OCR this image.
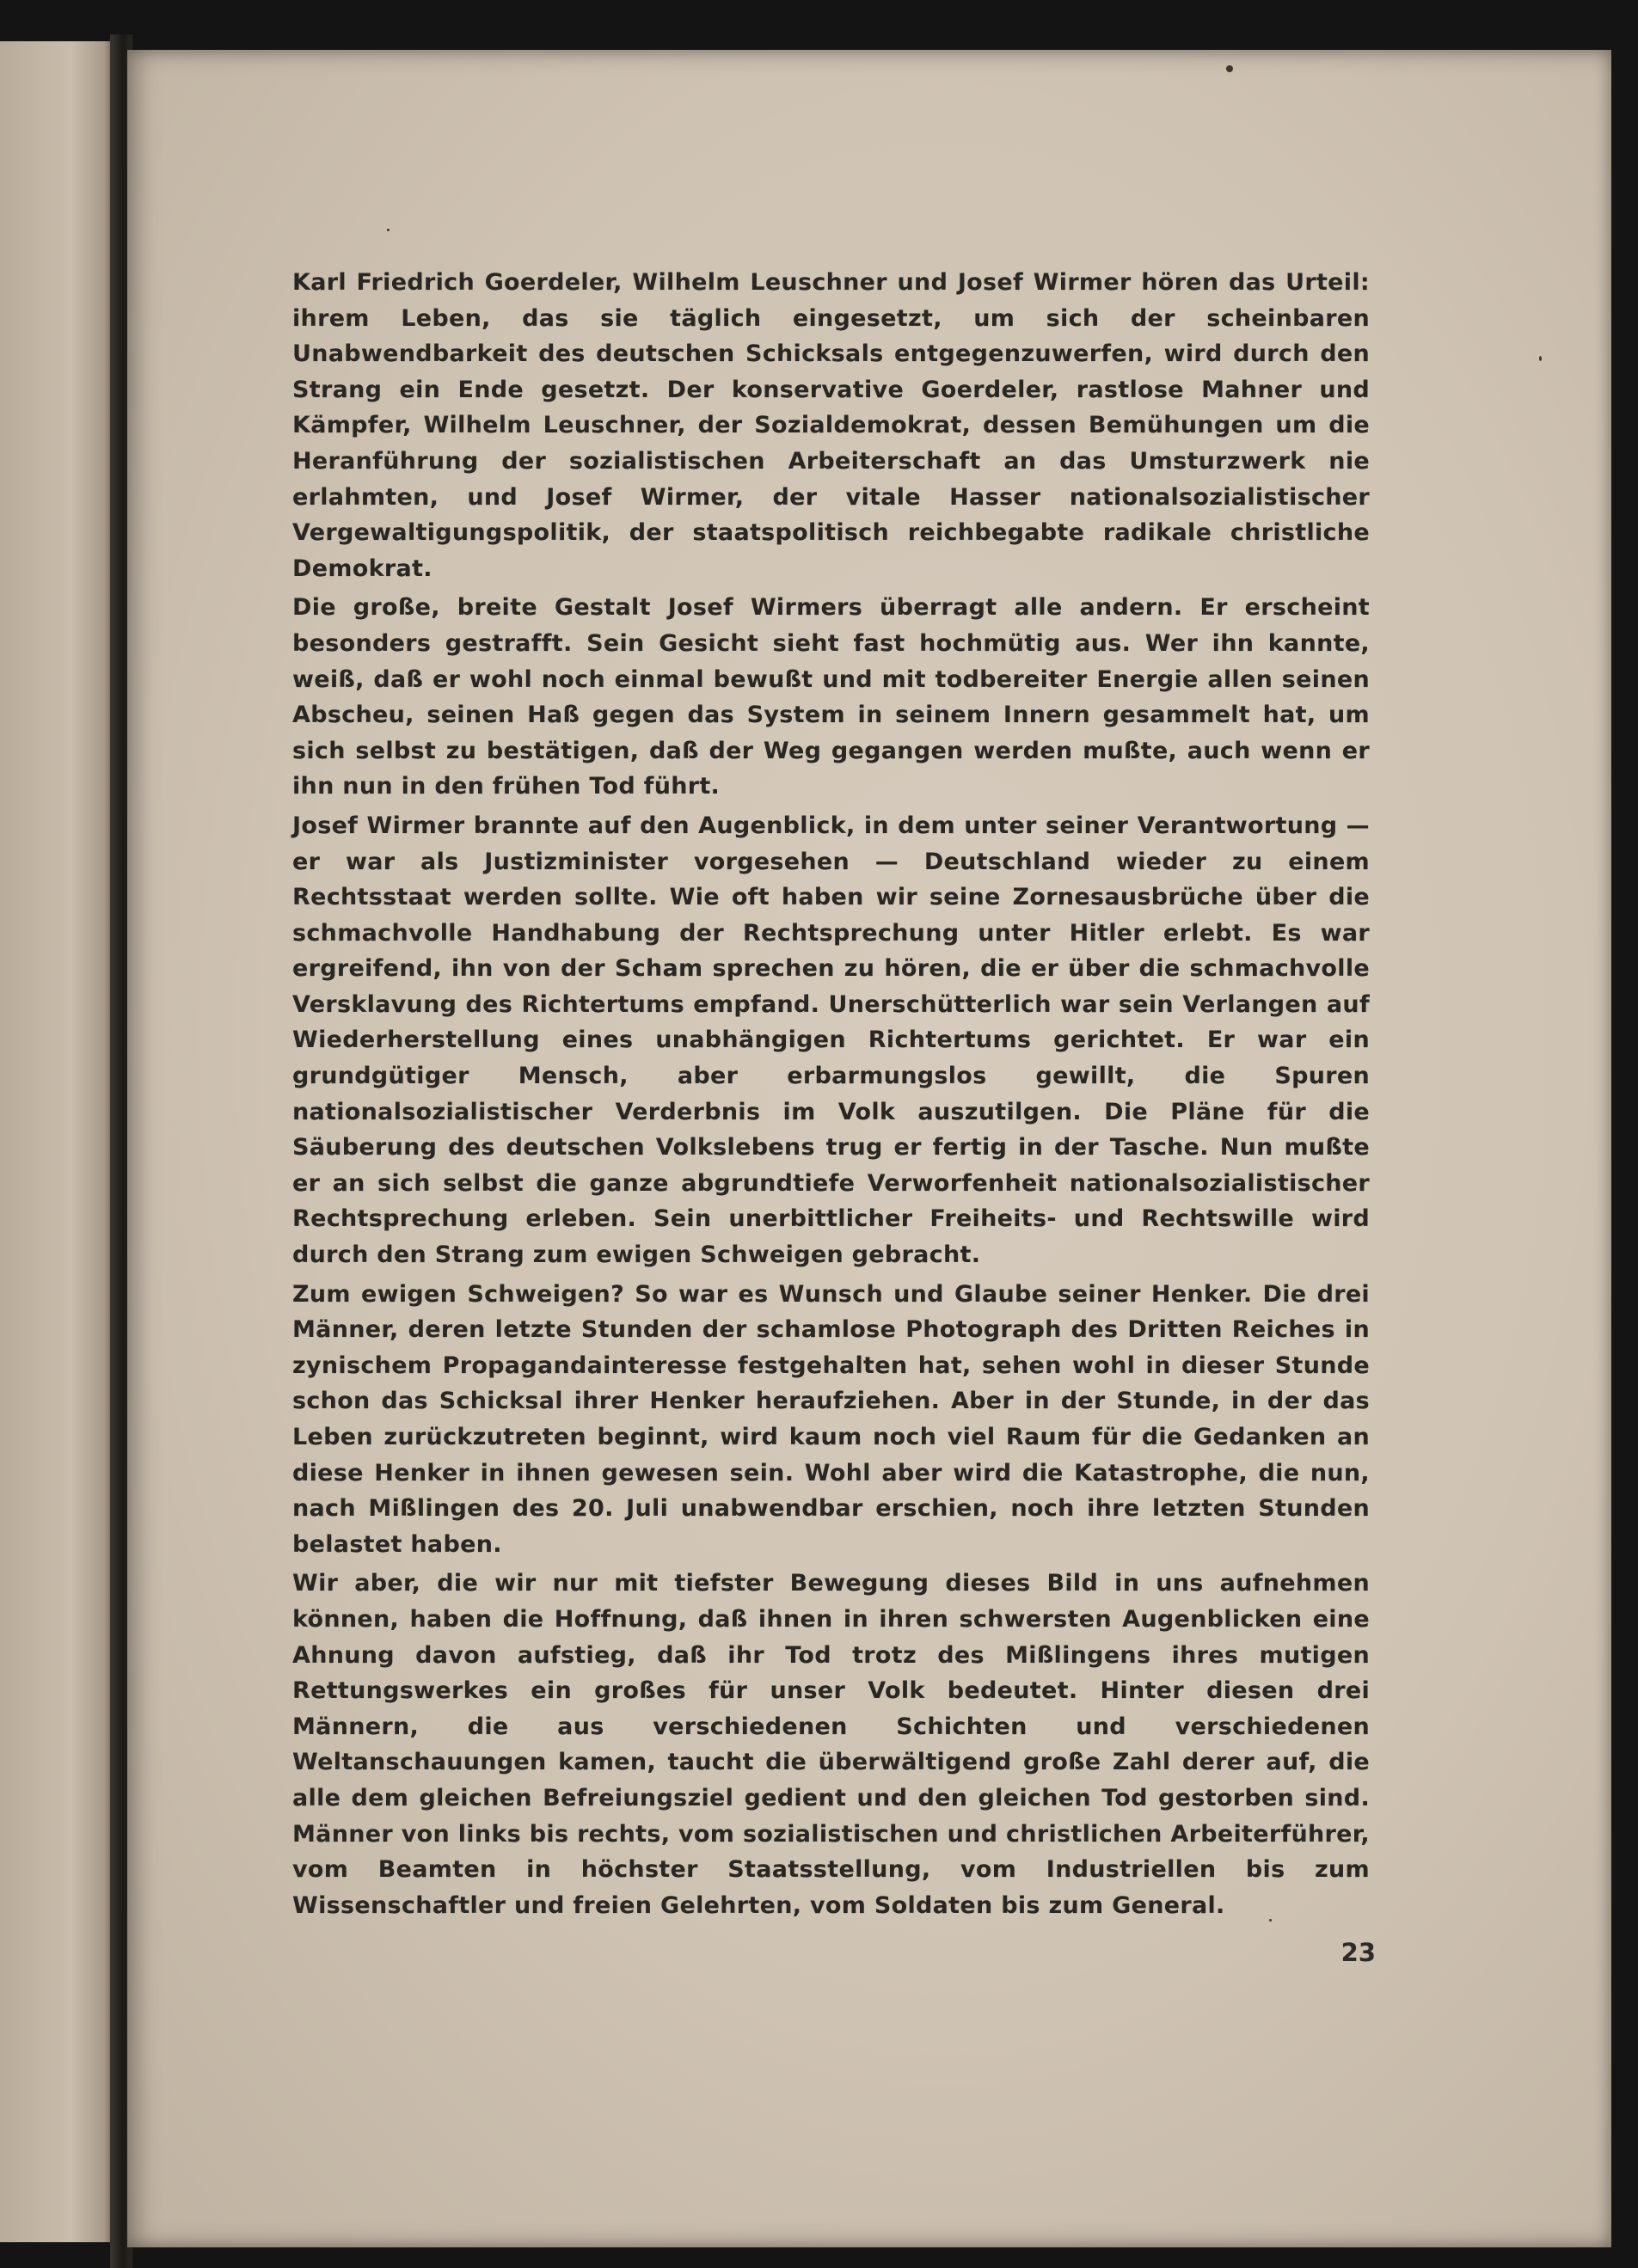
Karl Friedrich Goerdeler, Wilhelm Leuschner und Josef Wirmer hören das Urteil: ihrem Leben, das sie täglich eingesetzt, um sich der scheinbaren Unabwendbarkeit des deutschen Schicksals entgegenzuwerfen, wird durch den Strang ein Ende gesetzt. Der konservative Goerdeler, rastlose Mahner und Kämpfer, Wilhelm Leuschner, der Sozialdemokrat, dessen Bemühungen um die Heranführung der sozialistischen Arbeiterschaft an das Umsturzwerk nie erlahmten, und Josef Wirmer, der vitale Hasser nationalsozialistischer Vergewaltigungspolitik, der staatspolitisch reichbegabte radikale christliche Demokrat.

Die große, breite Gestalt Josef Wirmers überragt alle andern. Er erscheint besonders gestrafft. Sein Gesicht sieht fast hochmütig aus. Wer ihn kannte, weiß, daß er wohl noch einmal bewußt und mit todbereiter Energie allen seinen Abscheu, seinen Haß gegen das System in seinem Innern gesammelt hat, um sich selbst zu bestätigen, daß der Weg gegangen werden mußte, auch wenn er ihn nun in den frühen Tod führt.

Josef Wirmer brannte auf den Augenblick, in dem unter seiner Verantwortung — er war als Justizminister vorgesehen — Deutschland wieder zu einem Rechtsstaat werden sollte. Wie oft haben wir seine Zornesausbrüche über die schmachvolle Handhabung der Rechtsprechung unter Hitler erlebt. Es war ergreifend, ihn von der Scham sprechen zu hören, die er über die schmachvolle Versklavung des Richtertums empfand. Unerschütterlich war sein Verlangen auf Wiederherstellung eines unabhängigen Richtertums gerichtet. Er war ein grundgütiger Mensch, aber erbarmungslos gewillt, die Spuren nationalsozialistischer Verderbnis im Volk auszutilgen. Die Pläne für die Säuberung des deutschen Volkslebens trug er fertig in der Tasche. Nun mußte er an sich selbst die ganze abgrundtiefe Verworfenheit nationalsozialistischer Rechtsprechung erleben. Sein unerbittlicher Freiheits- und Rechtswille wird durch den Strang zum ewigen Schweigen gebracht.

Zum ewigen Schweigen? So war es Wunsch und Glaube seiner Henker. Die drei Männer, deren letzte Stunden der schamlose Photograph des Dritten Reiches in zynischem Propagandainteresse festgehalten hat, sehen wohl in dieser Stunde schon das Schicksal ihrer Henker heraufziehen. Aber in der Stunde, in der das Leben zurückzutreten beginnt, wird kaum noch viel Raum für die Gedanken an diese Henker in ihnen gewesen sein. Wohl aber wird die Katastrophe, die nun, nach Mißlingen des 20. Juli unabwendbar erschien, noch ihre letzten Stunden belastet haben.

Wir aber, die wir nur mit tiefster Bewegung dieses Bild in uns aufnehmen können, haben die Hoffnung, daß ihnen in ihren schwersten Augenblicken eine Ahnung davon aufstieg, daß ihr Tod trotz des Mißlingens ihres mutigen Rettungswerkes ein großes für unser Volk bedeutet. Hinter diesen drei Männern, die aus verschiedenen Schichten und verschiedenen Weltanschauungen kamen, taucht die überwältigend große Zahl derer auf, die alle dem gleichen Befreiungsziel gedient und den gleichen Tod gestorben sind. Männer von links bis rechts, vom sozialistischen und christlichen Arbeiterführer, vom Beamten in höchster Staatsstellung, vom Industriellen bis zum Wissenschaftler und freien Gelehrten, vom Soldaten bis zum General.

23
